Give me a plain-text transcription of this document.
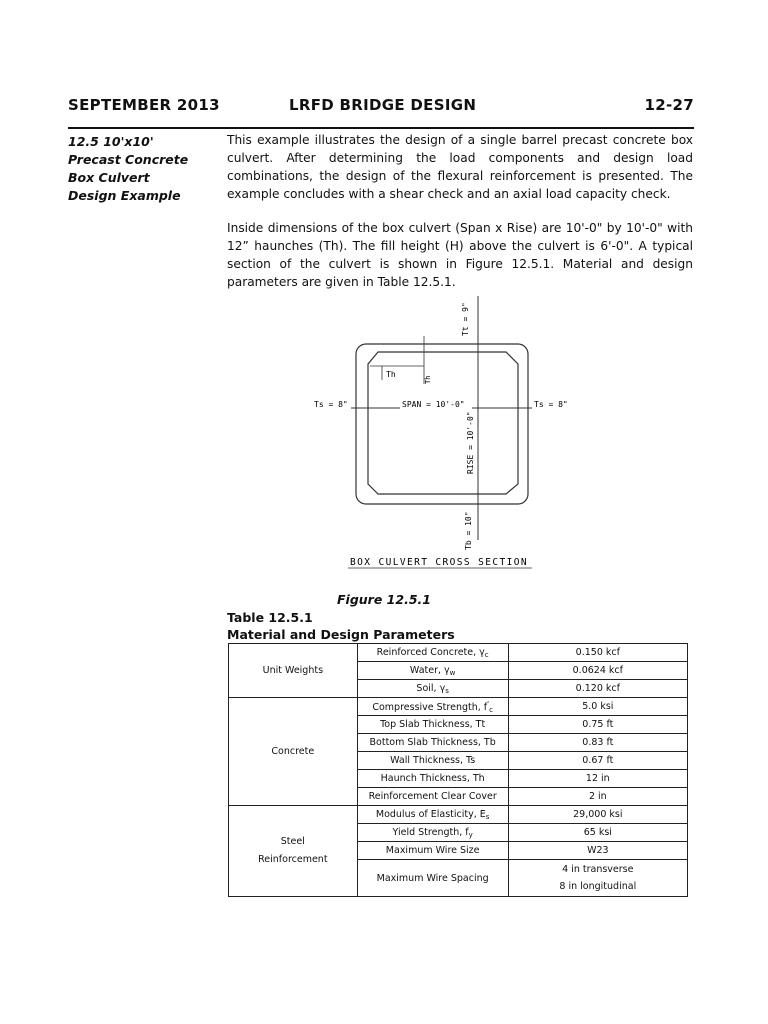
SEPTEMBER 2013	LRFD BRIDGE DESIGN	12-27
12.5 10'x10'
Precast Concrete
Box Culvert
Design Example
This example illustrates the design of a single barrel precast concrete box culvert. After determining the load components and design load combinations, the design of the flexural reinforcement is presented. The example concludes with a shear check and an axial load capacity check.
Inside dimensions of the box culvert (Span x Rise) are 10'-0" by 10'-0" with 12” haunches (Th). The fill height (H) above the culvert is 6'-0". A typical section of the culvert is shown in Figure 12.5.1. Material and design parameters are given in Table 12.5.1.
Tt = 9"
Th
Th
Ts = 8"	SPAN = 10'-0"	Ts = 8"
RISE = 10'-0"
Tb = 10"
BOX CULVERT CROSS SECTION
Figure 12.5.1
Table 12.5.1
Material and Design Parameters
Unit Weights	Reinforced Concrete, $\gamma_c$	0.150 kcf
	Water, $\gamma_w$	0.0624 kcf
	Soil, $\gamma_s$	0.120 kcf
Concrete	Compressive Strength, $f'_c$	5.0 ksi
	Top Slab Thickness, Tt	0.75 ft
	Bottom Slab Thickness, Tb	0.83 ft
	Wall Thickness, Ts	0.67 ft
	Haunch Thickness, Th	12 in
	Reinforcement Clear Cover	2 in

Steel
Reinforcement	Modulus of Elasticity, $E_s$	29,000 ksi
	Yield Strength, $f_y$	65 ksi
	Maximum Wire Size	W23
	Maximum Wire Spacing	4 in transverse
8 in longitudinal
